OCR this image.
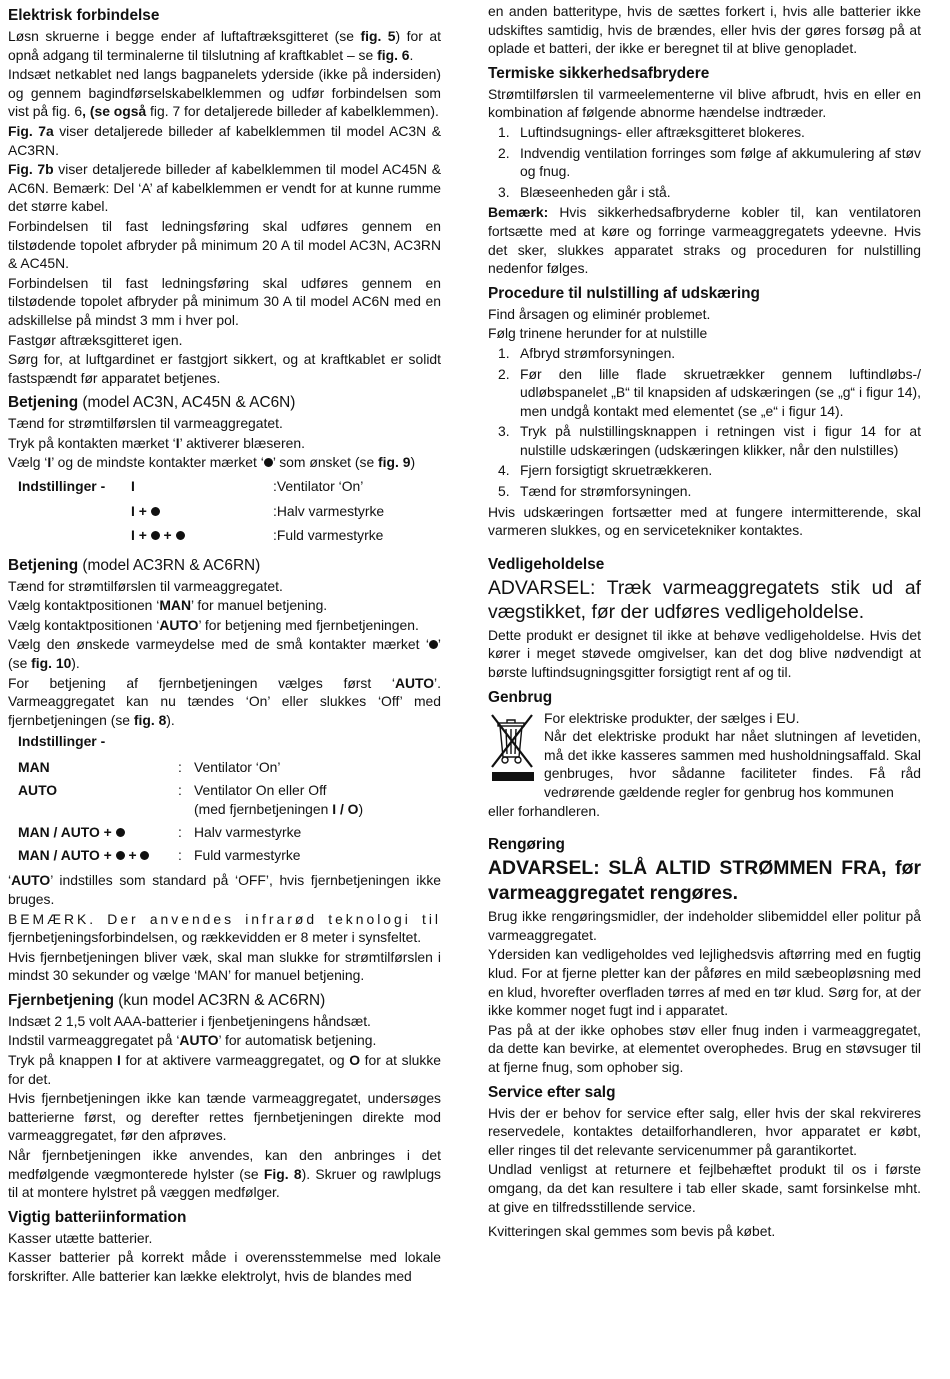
Elektrisk forbindelse

Løsn skruerne i begge ender af luftaftræksgitteret (se fig. 5) for at opnå adgang til terminalerne til tilslutning af kraftkablet – se fig. 6.

Indsæt netkablet ned langs bagpanelets yderside (ikke på indersiden) og gennem bagindførselskabelklemmen og udfør forbindelsen som vist på fig. 6, (se også fig. 7 for detaljerede billeder af kabelklemmen).

Fig. 7a viser detaljerede billeder af kabelklemmen til model AC3N & AC3RN.

Fig. 7b viser detaljerede billeder af kabelklemmen til model AC45N & AC6N. Bemærk: Del ‘A’ af kabelklemmen er vendt for at kunne rumme det større kabel.

Forbindelsen til fast ledningsføring skal udføres gennem en tilstødende topolet afbryder på minimum 20 A til model AC3N, AC3RN & AC45N.

Forbindelsen til fast ledningsføring skal udføres gennem en tilstødende topolet afbryder på minimum 30 A til model AC6N med en adskillelse på mindst 3 mm i hver pol.

Fastgør aftræksgitteret igen.

Sørg for, at luftgardinet er fastgjort sikkert, og at kraftkablet er solidt fastspændt før apparatet betjenes.

Betjening (model AC3N, AC45N & AC6N)

Tænd for strømtilførslen til varmeaggregatet.

Tryk på kontakten mærket ‘I’ aktiverer blæseren.

Vælg ‘I’ og de mindste kontakter mærket ‘ ’ som ønsket (se fig. 9)

Indstillinger -	I	:Ventilator ‘On’
	I +	:Halv varmestyrke
	I +  +	:Fuld varmestyrke
Betjening (model AC3RN & AC6RN)

Tænd for strømtilførslen til varmeaggregatet.

Vælg kontaktpositionen ‘MAN’ for manuel betjening.

Vælg kontaktpositionen ‘AUTO’ for betjening med fjernbetjeningen.

Vælg den ønskede varmeydelse med de små kontakter mærket ‘ ’ (se fig. 10).

For betjening af fjernbetjeningen vælges først ‘AUTO’. Varmeaggregatet kan nu tændes ‘On’ eller slukkes ‘Off’ med fjernbetjeningen (se fig. 8).

Indstillinger -		
MAN	:	Ventilator ‘On’
AUTO	:	Ventilator On eller Off
(med fjernbetjeningen I / O)
MAN / AUTO +	:	Halv varmestyrke
MAN / AUTO +  +	:	Fuld varmestyrke

‘AUTO’ indstilles som standard på ‘OFF’, hvis fjernbetjeningen ikke bruges.

BEMÆRK. Der anvendes infrarød teknologi til fjernbetjeningsforbindelsen, og rækkevidden er 8 meter i synsfeltet.

Hvis fjernbetjeningen bliver væk, skal man slukke for strømtilførslen i mindst 30 sekunder og vælge ‘MAN’ for manuel betjening.

Fjernbetjening (kun model AC3RN & AC6RN)

Indsæt 2 1,5 volt AAA-batterier i fjenbetjeningens håndsæt.

Indstil varmeaggregatet på ‘AUTO’ for automatisk betjening.

Tryk på knappen I for at aktivere varmeaggregatet, og O for at slukke for det.

Hvis fjernbetjeningen ikke kan tænde varmeaggregatet, undersøges batterierne først, og derefter rettes fjernbetjeningen direkte mod varmeaggregatet, før den afprøves.

Når fjernbetjeningen ikke anvendes, kan den anbringes i det medfølgende vægmonterede hylster (se Fig. 8). Skruer og rawlplugs til at montere hylstret på væggen medfølger.

Vigtig batteriinformation

Kasser utætte batterier.

Kasser batterier på korrekt måde i overensstemmelse med lokale forskrifter. Alle batterier kan lække elektrolyt, hvis de blandes med

en anden batteritype, hvis de sættes forkert i, hvis alle batterier ikke udskiftes samtidig, hvis de brændes, eller hvis der gøres forsøg på at oplade et batteri, der ikke er beregnet til at blive genopladet.

Termiske sikkerhedsafbrydere

Strømtilførslen til varmeelementerne vil blive afbrudt, hvis en eller en kombination af følgende abnorme hændelse indtræder.

1. Luftindsugnings- eller aftræksgitteret blokeres.
2. Indvendig ventilation forringes som følge af akkumulering af støv og fnug.
3. Blæseenheden går i stå.

Bemærk: Hvis sikkerhedsafbryderne kobler til, kan ventilatoren fortsætte med at køre og forringe varmeaggregatets ydeevne. Hvis det sker, slukkes apparatet straks og proceduren for nulstilling nedenfor følges.

Procedure til nulstilling af udskæring

Find årsagen og eliminér problemet.

Følg trinene herunder for at nulstille

1. Afbryd strømforsyningen.
2. Før den lille flade skruetrækker gennem luftindløbs-/ udløbspanelet „B“ til knapsiden af udskæringen (se „g“ i figur 14), men undgå kontakt med elementet (se „e“ i figur 14).
3. Tryk på nulstillingsknappen i retningen vist i figur 14 for at nulstille udskæringen (udskæringen klikker, når den nulstilles)
4. Fjern forsigtigt skruetrækkeren.
5. Tænd for strømforsyningen.

Hvis udskæringen fortsætter med at fungere intermitterende, skal varmeren slukkes, og en servicetekniker kontaktes.

Vedligeholdelse

ADVARSEL: Træk varmeaggregatets stik ud af vægstikket, før der udføres vedligeholdelse.

Dette produkt er designet til ikke at behøve vedligeholdelse. Hvis det kører i meget støvede omgivelser, kan det dog blive nødvendigt at børste luftindsugningsgitter forsigtigt rent af og til.

Genbrug

For elektriske produkter, der sælges i EU.

Når det elektriske produkt har nået slutningen af levetiden, må det ikke kasseres sammen med husholdningsaffald. Skal genbruges, hvor sådanne faciliteter findes. Få råd vedrørende gældende regler for genbrug hos kommunen

eller forhandleren.

Rengøring

ADVARSEL: SLÅ ALTID STRØMMEN FRA, før varmeaggregatet rengøres.

Brug ikke rengøringsmidler, der indeholder slibemiddel eller politur på varmeaggregatet.

Ydersiden kan vedligeholdes ved lejlighedsvis aftørring med en fugtig klud. For at fjerne pletter kan der påføres en mild sæbeopløsning med en klud, hvorefter overfladen tørres af med en tør klud. Sørg for, at der ikke kommer noget fugt ind i apparatet.

Pas på at der ikke ophobes støv eller fnug inden i varmeaggregatet, da dette kan bevirke, at elementet overophedes. Brug en støvsuger til at fjerne fnug, som ophober sig.

Service efter salg

Hvis der er behov for service efter salg, eller hvis der skal rekvireres reservedele, kontaktes detailforhandleren, hvor apparatet er købt, eller ringes til det relevante servicenummer på garantikortet.

Undlad venligst at returnere et fejlbehæftet produkt til os i første omgang, da det kan resultere i tab eller skade, samt forsinkelse mht. at give en tilfredsstillende service.

Kvitteringen skal gemmes som bevis på købet.
